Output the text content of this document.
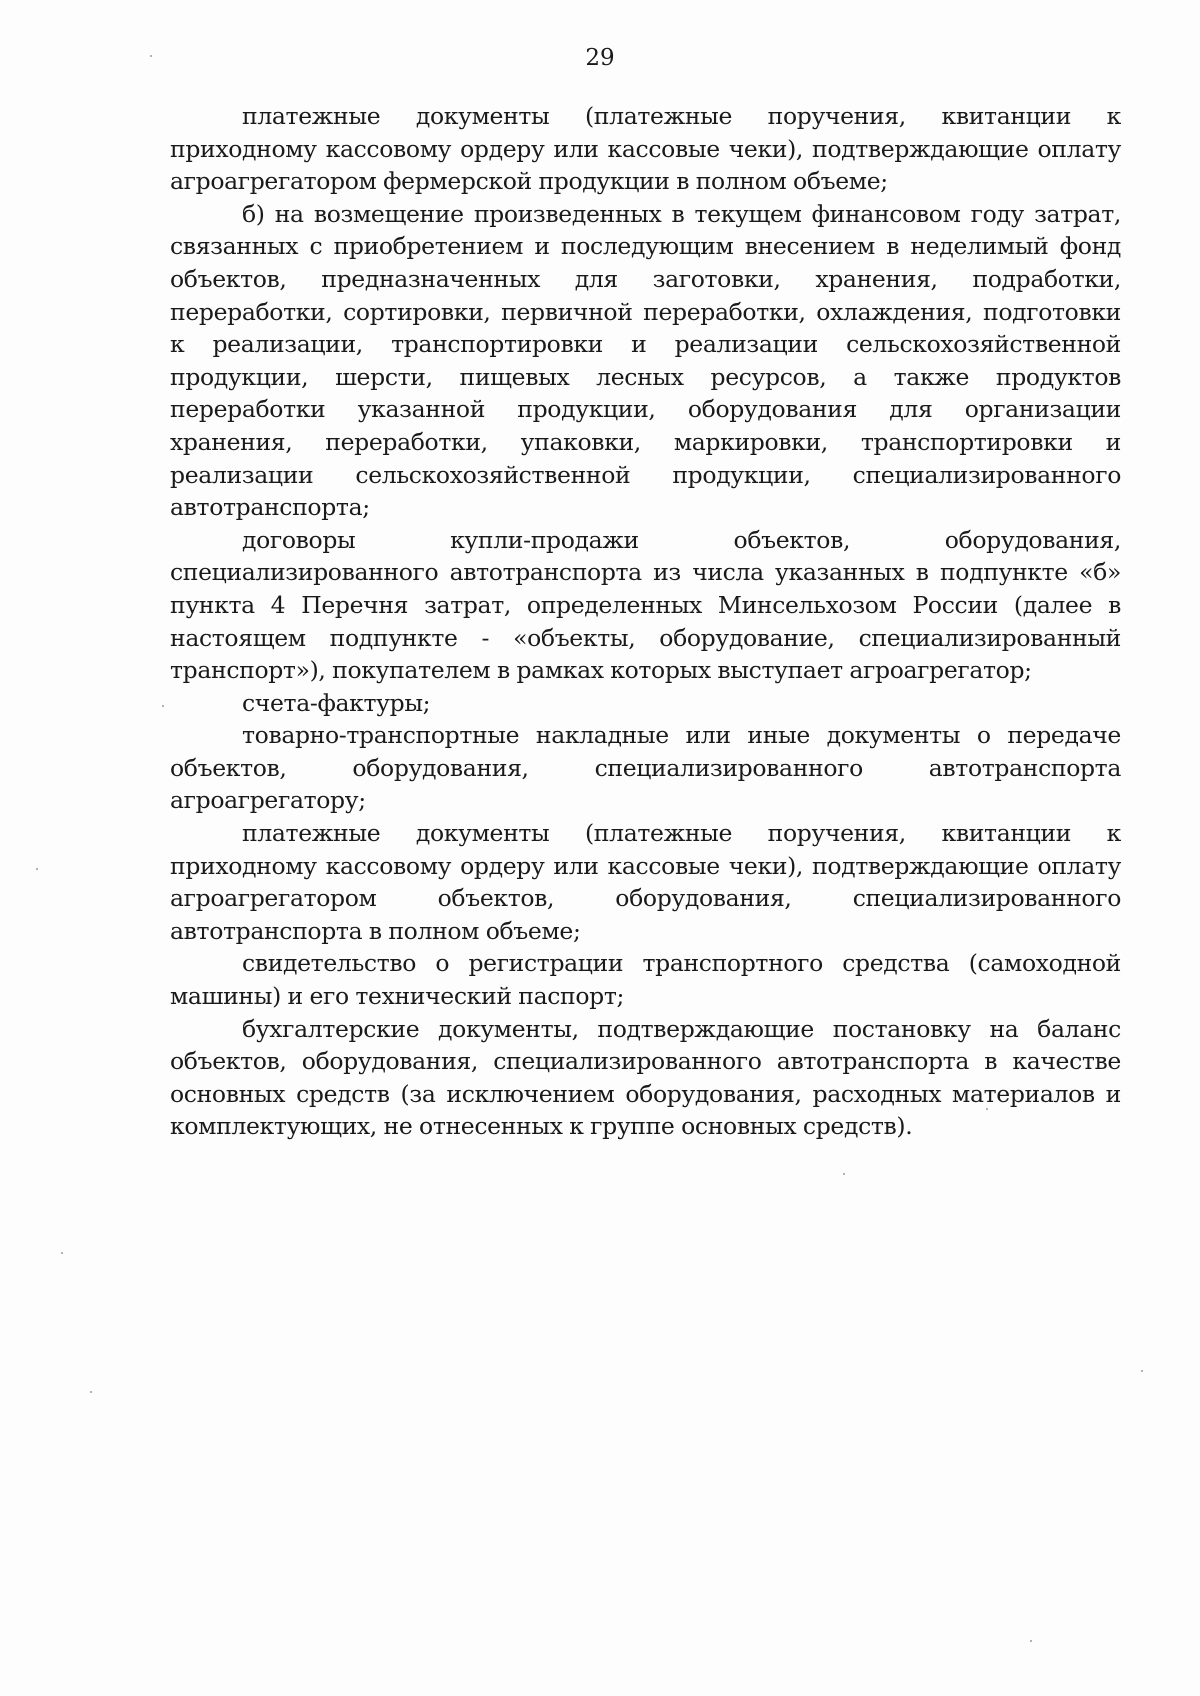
29

платежные документы (платежные поручения, квитанции к приходному кассовому ордеру или кассовые чеки), подтверждающие оплату агроагрегатором фермерской продукции в полном объеме;

б) на возмещение произведенных в текущем финансовом году затрат, связанных с приобретением и последующим внесением в неделимый фонд объектов, предназначенных для заготовки, хранения, подработки, переработки, сортировки, первичной переработки, охлаждения, подготовки к реализации, транспортировки и реализации сельскохозяйственной продукции, шерсти, пищевых лесных ресурсов, а также продуктов переработки указанной продукции, оборудования для организации хранения, переработки, упаковки, маркировки, транспортировки и реализации сельскохозяйственной продукции, специализированного автотранспорта;

договоры купли-продажи объектов, оборудования, специализированного автотранспорта из числа указанных в подпункте «б» пункта 4 Перечня затрат, определенных Минсельхозом России (далее в настоящем подпункте - «объекты, оборудование, специализированный транспорт»), покупателем в рамках которых выступает агроагрегатор;

счета-фактуры;

товарно-транспортные накладные или иные документы о передаче объектов, оборудования, специализированного автотранспорта агроагрегатору;

платежные документы (платежные поручения, квитанции к приходному кассовому ордеру или кассовые чеки), подтверждающие оплату агроагрегатором объектов, оборудования, специализированного автотранспорта в полном объеме;

свидетельство о регистрации транспортного средства (самоходной машины) и его технический паспорт;

бухгалтерские документы, подтверждающие постановку на баланс объектов, оборудования, специализированного автотранспорта в качестве основных средств (за исключением оборудования, расходных материалов и комплектующих, не отнесенных к группе основных средств).
